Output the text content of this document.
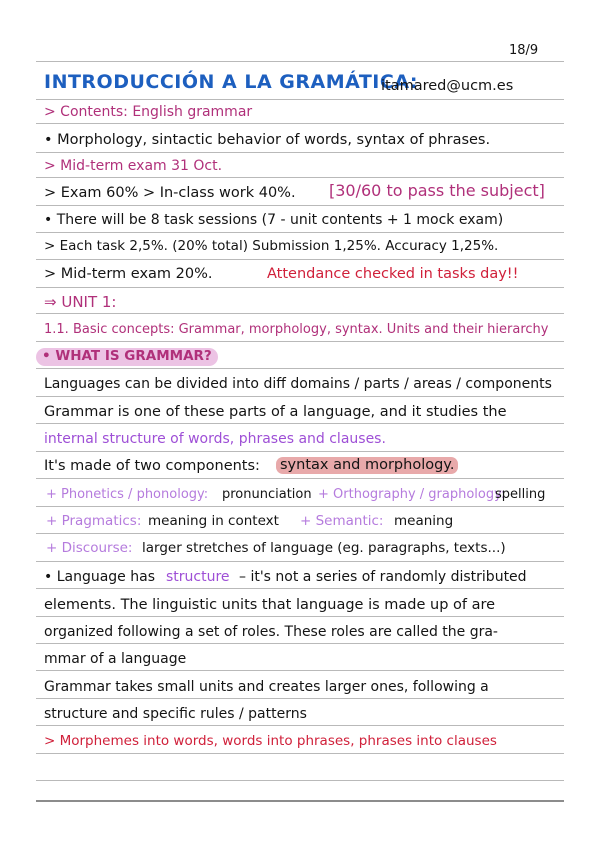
18/9
INTRODUCCIÓN A LA GRAMÁTICA:
itamared@ucm.es
> Contents: English grammar
• Morphology, sintactic behavior of words, syntax of phrases.
> Mid-term exam 31 Oct.
> Exam 60% > In-class work 40%. [30/60 to pass the subject]
• There will be 8 task sessions (7 - unit contents + 1 mock exam)
> Each task 2,5%. (20% total) Submission 1,25%. Accuracy 1,25%.
> Mid-term exam 20%.	Attendance checked in tasks day!!
⇒ UNIT 1:
1.1. Basic concepts: Grammar, morphology, syntax. Units and their hierarchy
• WHAT IS GRAMMAR?
Languages can be divided into diff domains / parts / areas / components
Grammar is one of these parts of a language, and it studies the
internal structure of words, phrases and clauses.
It's made of two components: syntax and morphology.
+ Phonetics / phonology: pronunciation + Orthography / graphology:
spelling
+ Pragmatics: meaning in context + Semantic: meaning
+ Discourse: larger stretches of language (eg. paragraphs, texts...)
• Language has structure – it's not a series of randomly distributed
elements. The linguistic units that language is made up of are
organized following a set of roles. These roles are called the gra-
mmar of a language
Grammar takes small units and creates larger ones, following a
structure and specific rules / patterns
> Morphemes into words, words into phrases, phrases into clauses
